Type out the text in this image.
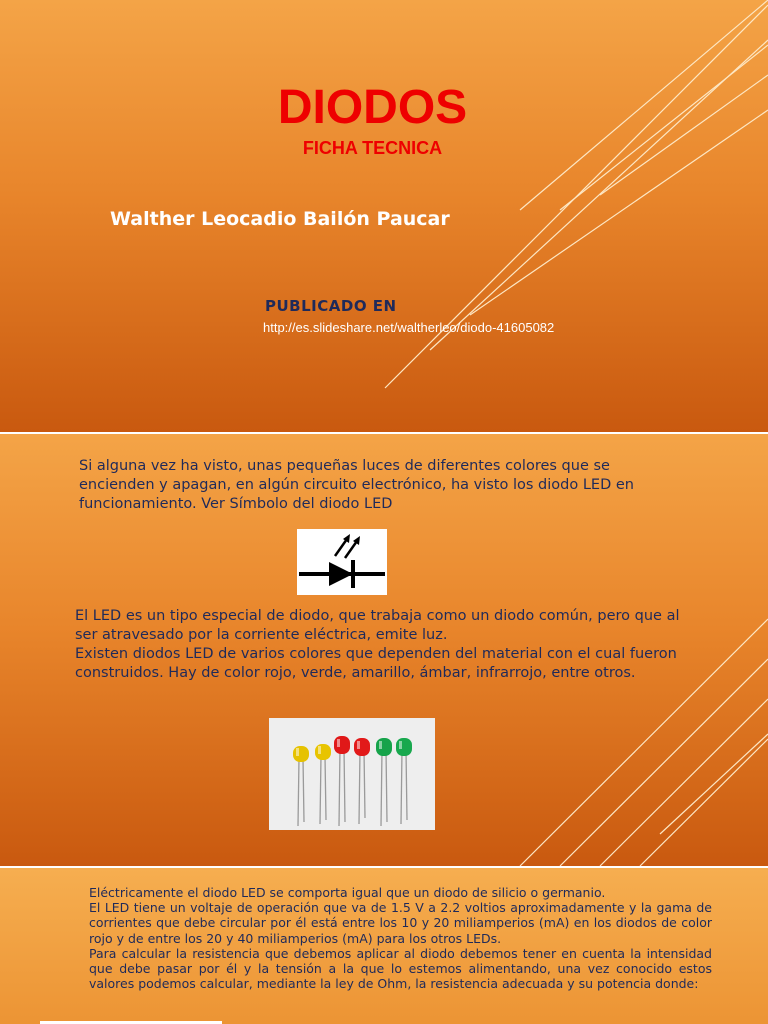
DIODOS
FICHA TECNICA
Walther Leocadio Bailón Paucar
PUBLICADO EN
http://es.slideshare.net/waltherleo/diodo-41605082
Si alguna vez ha visto, unas pequeñas luces de diferentes colores que se encienden y apagan, en algún circuito electrónico, ha visto los diodo LED en funcionamiento. Ver Símbolo del diodo LED

El LED es un tipo especial de diodo, que trabaja como un diodo común, pero que al ser atravesado por la corriente eléctrica, emite luz.

Existen diodos LED de varios colores que dependen del material con el cual fueron construidos. Hay de color rojo, verde, amarillo, ámbar, infrarrojo, entre otros.

Eléctricamente el diodo LED se comporta igual que un diodo de silicio o germanio.

El LED tiene un voltaje de operación que va de 1.5 V a 2.2 voltios aproximadamente y la gama de corrientes que debe circular por él está entre los 10 y 20 miliamperios (mA) en los diodos de color rojo y de entre los 20 y 40 miliamperios (mA) para los otros LEDs.

Para calcular la resistencia que debemos aplicar al diodo debemos tener en cuenta la intensidad que debe pasar por él y la tensión a la que lo estemos alimentando, una vez conocido estos valores podemos calcular, mediante la ley de Ohm, la resistencia adecuada y su potencia donde:
